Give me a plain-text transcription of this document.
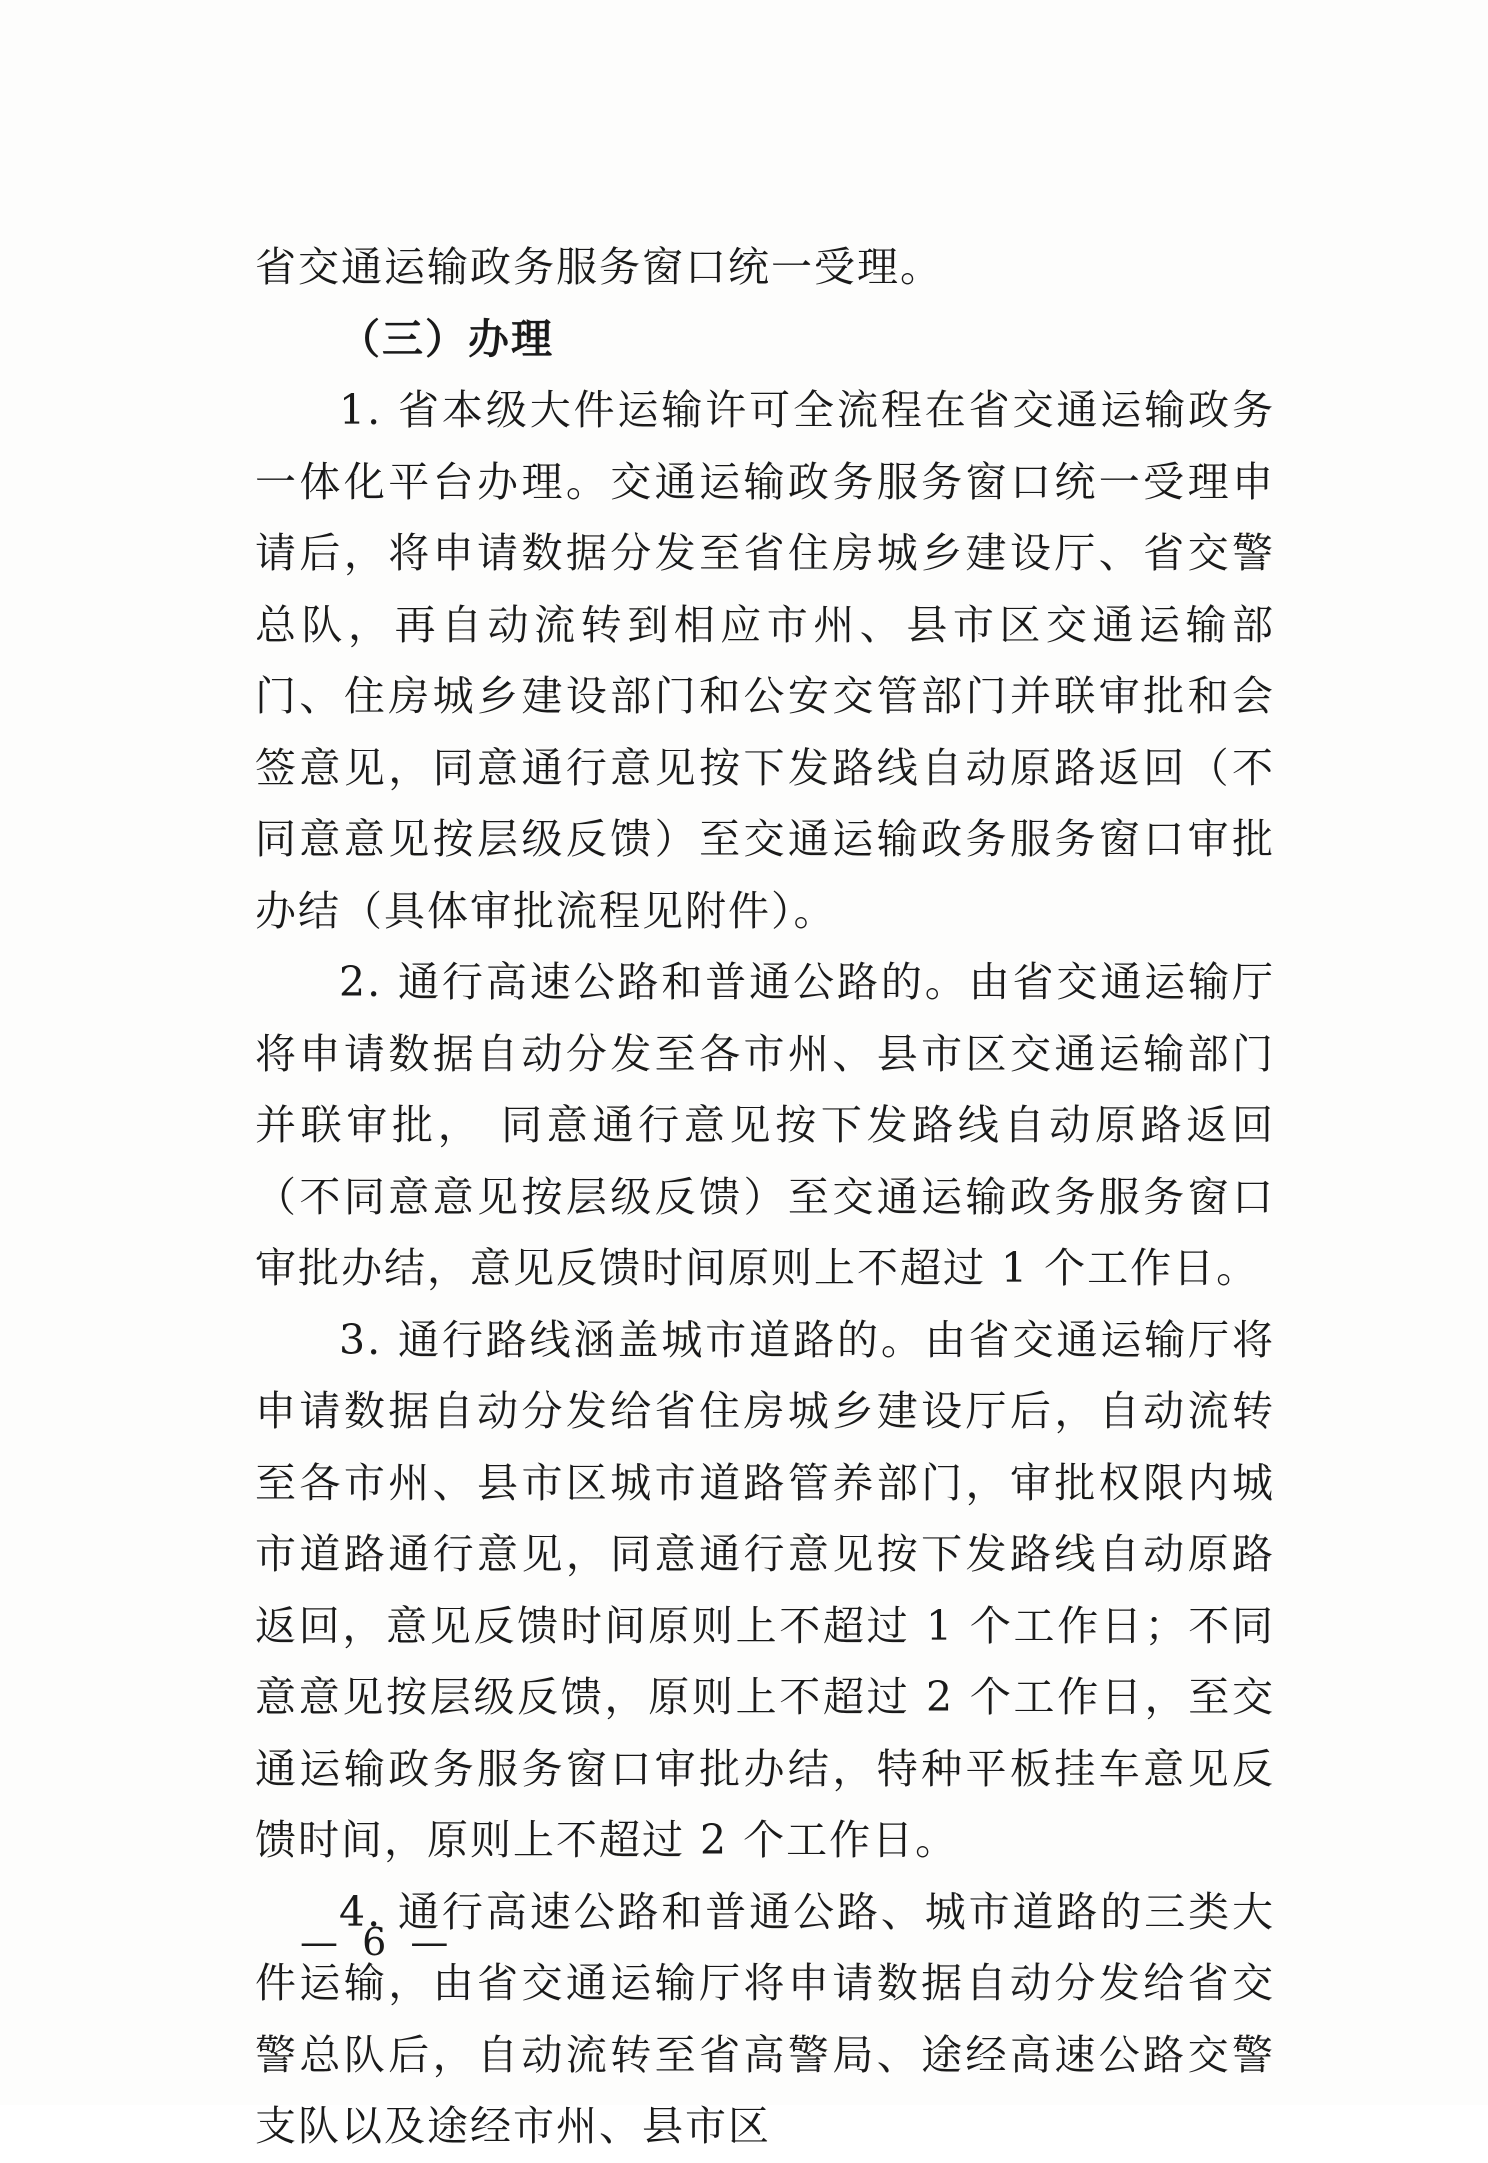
省交通运输政务服务窗口统一受理。

（三）办理

1. 省本级大件运输许可全流程在省交通运输政务一体化平台办理。交通运输政务服务窗口统一受理申请后，将申请数据分发至省住房城乡建设厅、省交警总队，再自动流转到相应市州、县市区交通运输部门、住房城乡建设部门和公安交管部门并联审批和会签意见，同意通行意见按下发路线自动原路返回（不同意意见按层级反馈）至交通运输政务服务窗口审批办结（具体审批流程见附件）。

2. 通行高速公路和普通公路的。由省交通运输厅将申请数据自动分发至各市州、县市区交通运输部门并联审批， 同意通行意见按下发路线自动原路返回（不同意意见按层级反馈）至交通运输政务服务窗口审批办结，意见反馈时间原则上不超过 1 个工作日。

3. 通行路线涵盖城市道路的。由省交通运输厅将申请数据自动分发给省住房城乡建设厅后，自动流转至各市州、县市区城市道路管养部门，审批权限内城市道路通行意见，同意通行意见按下发路线自动原路返回，意见反馈时间原则上不超过 1 个工作日；不同意意见按层级反馈，原则上不超过 2 个工作日，至交通运输政务服务窗口审批办结，特种平板挂车意见反馈时间，原则上不超过 2 个工作日。

4. 通行高速公路和普通公路、城市道路的三类大件运输，由省交通运输厅将申请数据自动分发给省交警总队后，自动流转至省高警局、途经高速公路交警支队以及途经市州、县市区

— 6 —
